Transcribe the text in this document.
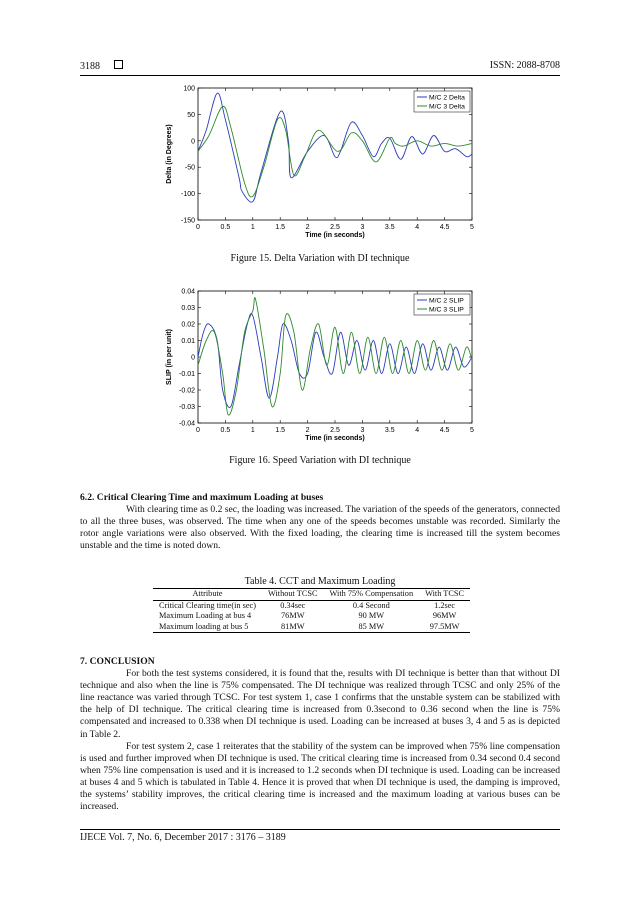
3188	ISSN: 2088-8708
0	0.5	1	1.5	2	2.5	3	3.5	4	4.5	5
100
50
0
-50
-100
-150
Time (in seconds)
Delta (in Degrees)
M/C 2 Delta
M/C 3 Delta
Figure 15. Delta Variation with DI technique
0	0.5	1	1.5	2	2.5	3	3.5	4	4.5	5
0.04
0.03
0.02
0.01
0
-0.01
-0.02
-0.03
-0.04
Time (in seconds)
SLIP (in per unit)
M/C 2 SLIP
M/C 3 SLIP
Figure 16. Speed Variation with DI technique
6.2. Critical Clearing Time and maximum Loading at buses

With clearing time as 0.2 sec, the loading was increased. The variation of the speeds of the generators, connected to all the three buses, was observed. The time when any one of the speeds becomes unstable was recorded. Similarly the rotor angle variations were also observed. With the fixed loading, the clearing time is increased till the system becomes unstable and the time is noted down.

Table 4. CCT and Maximum Loading
Attribute	Without TCSC	With 75% Compensation	With TCSC
Critical Clearing time(in sec)	0.34sec	0.4 Second	1.2sec
Maximum Loading at bus 4	76MW	90 MW	96MW
Maximum loading at bus 5	81MW	85 MW	97.5MW
7. CONCLUSION

For both the test systems considered, it is found that the, results with DI technique is better than that without DI technique and also when the line is 75% compensated. The DI technique was realized through TCSC and only 25% of the line reactance was varied through TCSC. For test system 1, case 1 confirms that the unstable system can be stabilized with the help of DI technique. The critical clearing time is increased from 0.3second to 0.36 second when the line is 75% compensated and increased to 0.338 when DI technique is used. Loading can be increased at buses 3, 4 and 5 as is depicted in Table 2.

For test system 2, case 1 reiterates that the stability of the system can be improved when 75% line compensation is used and further improved when DI technique is used. The critical clearing time is increased from 0.34 second 0.4 second when 75% line compensation is used and it is increased to 1.2 seconds when DI technique is used. Loading can be increased at buses 4 and 5 which is tabulated in Table 4. Hence it is proved that when DI technique is used, the damping is improved, the systems’ stability improves, the critical clearing time is increased and the maximum loading at various buses can be increased.

IJECE Vol. 7, No. 6, December 2017 : 3176 – 3189
